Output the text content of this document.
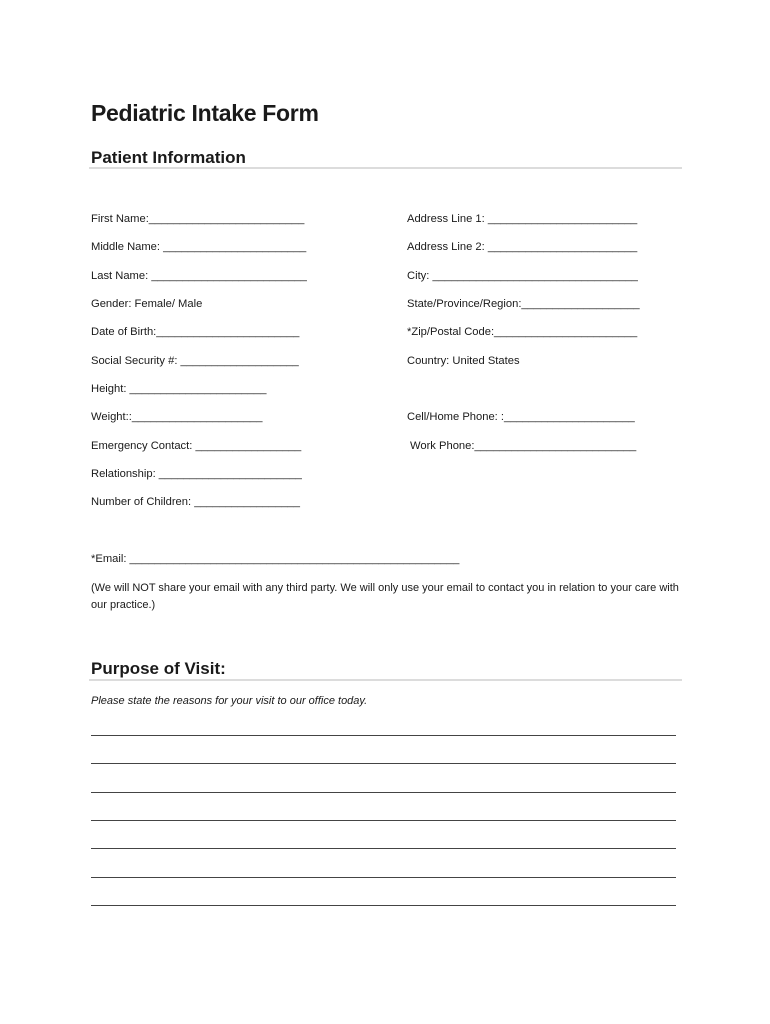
Pediatric Intake Form
Patient Information
First Name:_________________________
Middle Name: _______________________
Last Name: _________________________
Gender: Female/ Male
Date of Birth:_______________________
Social Security #: ___________________
Height: ______________________
Weight::_____________________
Emergency Contact: _________________
Relationship: _______________________
Number of Children: _________________
Address Line 1: ________________________
Address Line 2: ________________________
City: _________________________________
State/Province/Region:___________________
*Zip/Postal Code:_______________________
Country: United States
Cell/Home Phone: :_____________________
Work Phone:__________________________
*Email: _____________________________________________________
(We will NOT share your email with any third party. We will only use your email to contact you in relation to your care with our practice.)
Purpose of Visit:
Please state the reasons for your visit to our office today.
